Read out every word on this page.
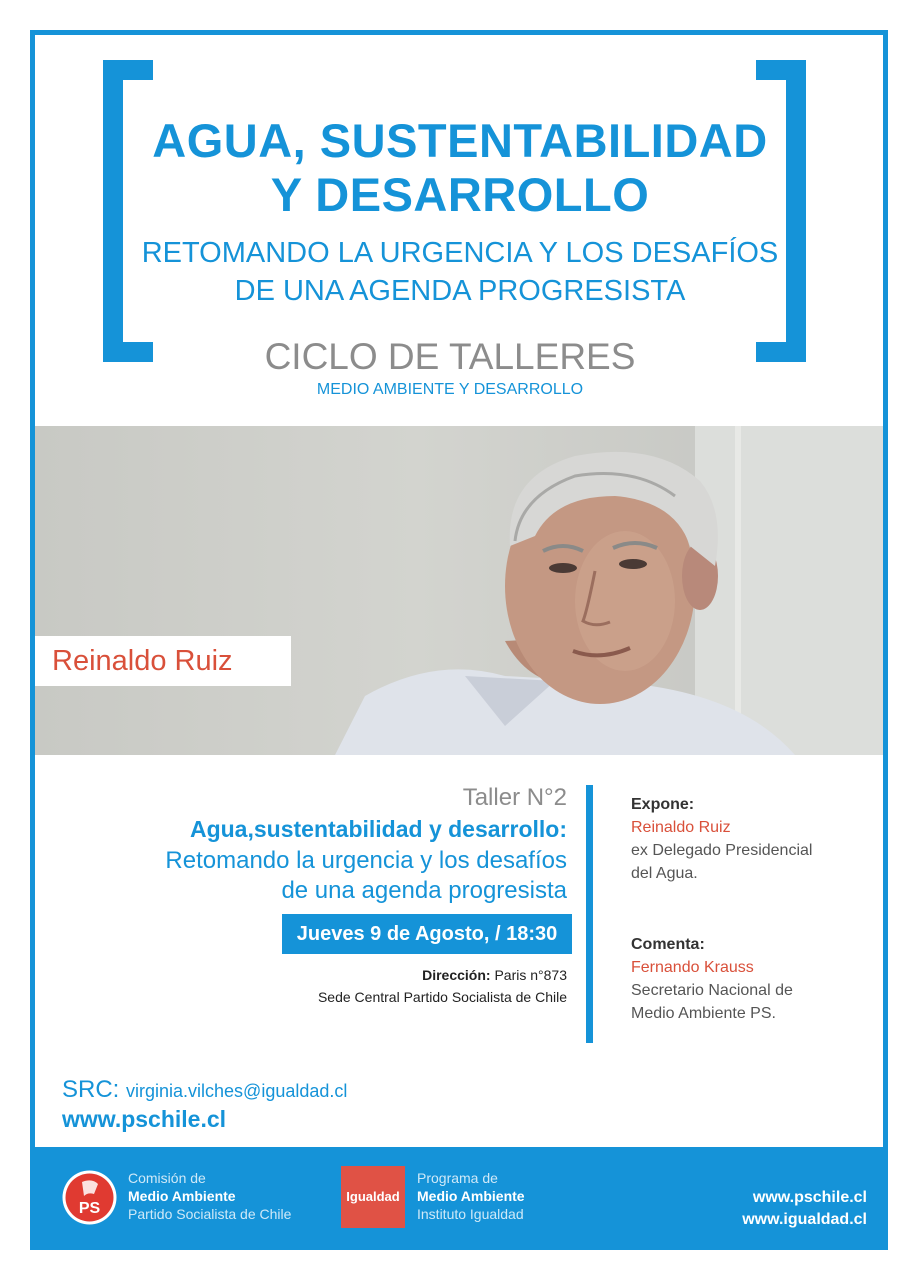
AGUA, SUSTENTABILIDAD
Y DESARROLLO
RETOMANDO LA URGENCIA Y LOS DESAFÍOS
DE UNA AGENDA PROGRESISTA
CICLO DE TALLERES
MEDIO AMBIENTE Y DESARROLLO
Reinaldo Ruiz
Taller N°2
Agua,sustentabilidad y desarrollo:
Retomando la urgencia y los desafíos
de una agenda progresista
Jueves 9 de Agosto, / 18:30
Dirección: Paris n°873
Sede Central Partido Socialista de Chile
Expone:
Reinaldo Ruiz
ex Delegado Presidencial
del Agua.
Comenta:
Fernando Krauss
Secretario Nacional de
Medio Ambiente PS.
SRC: virginia.vilches@igualdad.cl
www.pschile.cl
PS
Comisión de
Medio Ambiente
Partido Socialista de Chile
Igualdad
Programa de
Medio Ambiente
Instituto Igualdad
www.pschile.cl
www.igualdad.cl
